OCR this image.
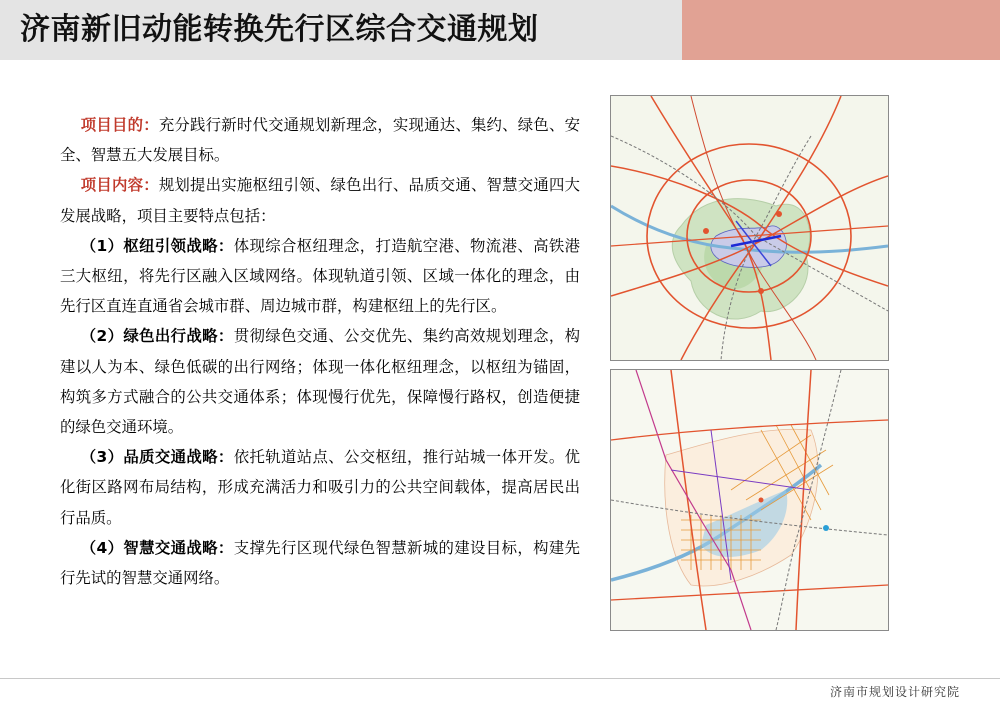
济南新旧动能转换先行区综合交通规划

项目目的：充分践行新时代交通规划新理念，实现通达、集约、绿色、安全、智慧五大发展目标。

项目内容：规划提出实施枢纽引领、绿色出行、品质交通、智慧交通四大发展战略，项目主要特点包括：

（1）枢纽引领战略：体现综合枢纽理念，打造航空港、物流港、高铁港三大枢纽，将先行区融入区域网络。体现轨道引领、区域一体化的理念，由先行区直连直通省会城市群、周边城市群，构建枢纽上的先行区。

（2）绿色出行战略：贯彻绿色交通、公交优先、集约高效规划理念，构建以人为本、绿色低碳的出行网络；体现一体化枢纽理念，以枢纽为锚固，构筑多方式融合的公共交通体系；体现慢行优先，保障慢行路权，创造便捷的绿色交通环境。

（3）品质交通战略：依托轨道站点、公交枢纽，推行站城一体开发。优化街区路网布局结构，形成充满活力和吸引力的公共空间载体，提高居民出行品质。

（4）智慧交通战略：支撑先行区现代绿色智慧新城的建设目标，构建先行先试的智慧交通网络。

济南市规划设计研究院
